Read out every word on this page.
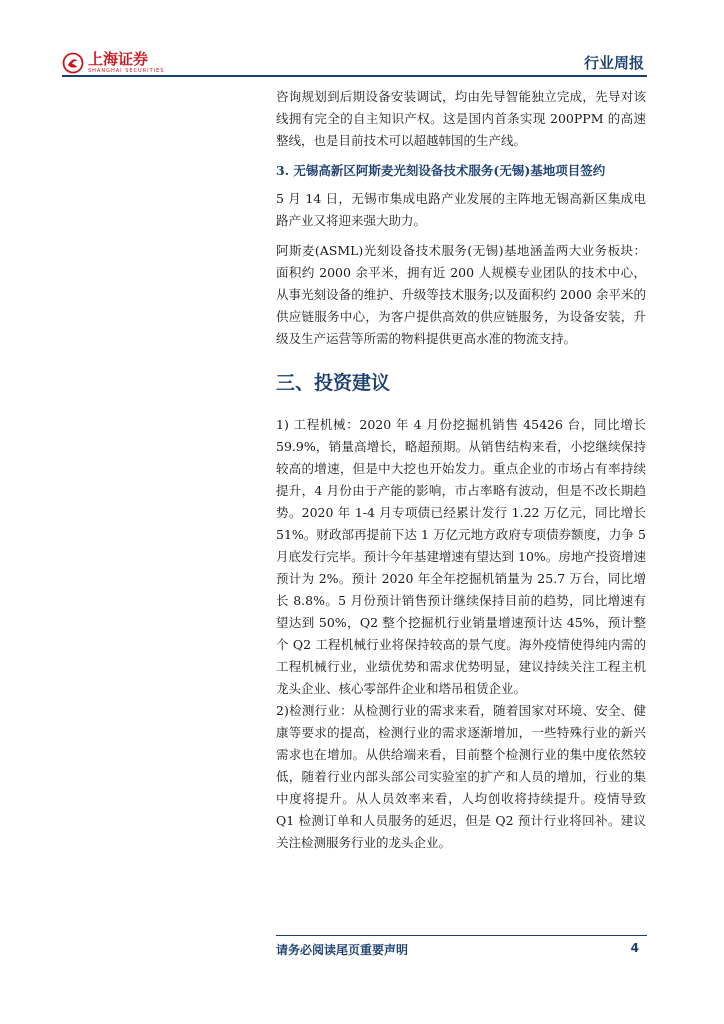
上海证券
SHANGHAI SECURITIES	行业周报

咨询规划到后期设备安装调试，均由先导智能独立完成，先导对该线拥有完全的自主知识产权。这是国内首条实现 200PPM 的高速整线，也是目前技术可以超越韩国的生产线。

3. 无锡高新区阿斯麦光刻设备技术服务(无锡)基地项目签约

5 月 14 日，无锡市集成电路产业发展的主阵地无锡高新区集成电路产业又将迎来强大助力。

阿斯麦(ASML)光刻设备技术服务(无锡)基地涵盖两大业务板块：面积约 2000 余平米，拥有近 200 人规模专业团队的技术中心，从事光刻设备的维护、升级等技术服务;以及面积约 2000 余平米的供应链服务中心，为客户提供高效的供应链服务，为设备安装，升级及生产运营等所需的物料提供更高水准的物流支持。

三、投资建议

1) 工程机械：2020 年 4 月份挖掘机销售 45426 台，同比增长 59.9%，销量高增长，略超预期。从销售结构来看，小挖继续保持较高的增速，但是中大挖也开始发力。重点企业的市场占有率持续提升，4 月份由于产能的影响，市占率略有波动，但是不改长期趋势。2020 年 1-4 月专项债已经累计发行 1.22 万亿元，同比增长 51%。财政部再提前下达 1 万亿元地方政府专项债券额度，力争 5 月底发行完毕。预计今年基建增速有望达到 10%。房地产投资增速预计为 2%。预计 2020 年全年挖掘机销量为 25.7 万台，同比增长 8.8%。5 月份预计销售预计继续保持目前的趋势，同比增速有望达到 50%，Q2 整个挖掘机行业销量增速预计达 45%，预计整个 Q2 工程机械行业将保持较高的景气度。海外疫情使得纯内需的工程机械行业，业绩优势和需求优势明显，建议持续关注工程主机龙头企业、核心零部件企业和塔吊租赁企业。

2)检测行业：从检测行业的需求来看，随着国家对环境、安全、健康等要求的提高，检测行业的需求逐渐增加，一些特殊行业的新兴需求也在增加。从供给端来看，目前整个检测行业的集中度依然较低，随着行业内部头部公司实验室的扩产和人员的增加，行业的集中度将提升。从人员效率来看，人均创收将持续提升。疫情导致 Q1 检测订单和人员服务的延迟，但是 Q2 预计行业将回补。建议关注检测服务行业的龙头企业。

请务必阅读尾页重要声明	4
